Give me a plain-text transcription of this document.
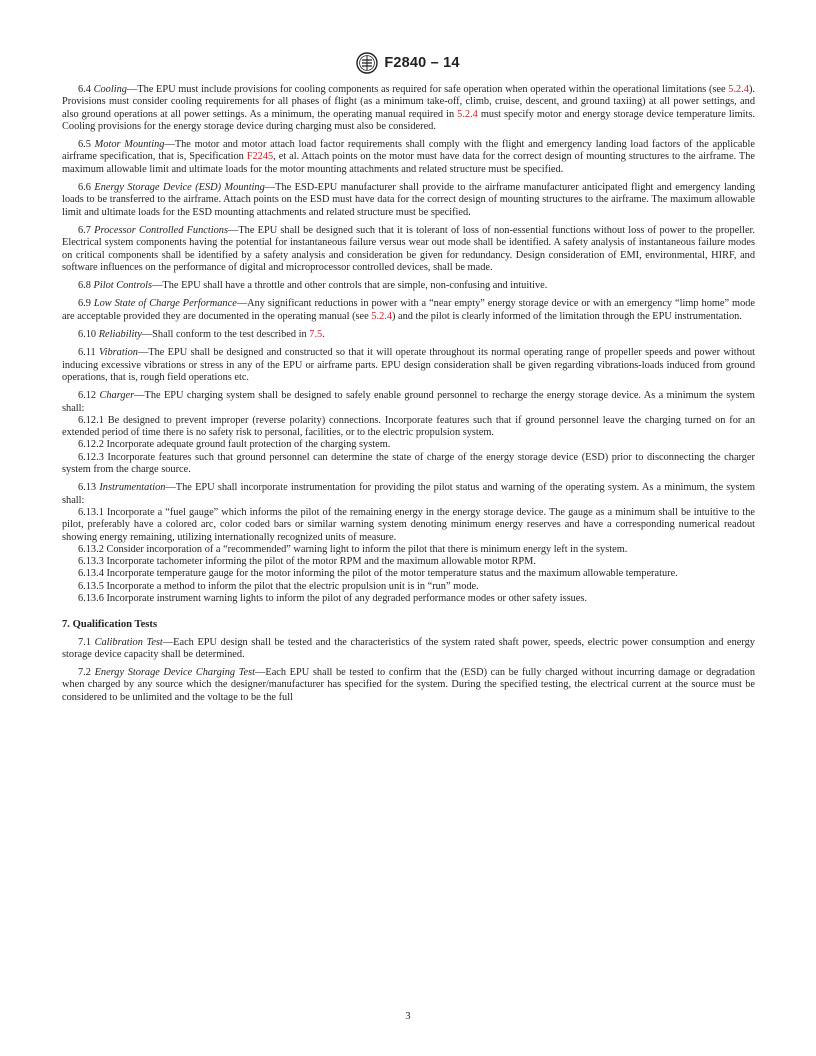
F2840 – 14

6.4 Cooling—The EPU must include provisions for cooling components as required for safe operation when operated within the operational limitations (see 5.2.4). Provisions must consider cooling requirements for all phases of flight (as a minimum take-off, climb, cruise, descent, and ground taxiing) at all power settings, and also ground operations at all power settings. As a minimum, the operating manual required in 5.2.4 must specify motor and energy storage device temperature limits. Cooling provisions for the energy storage device during charging must also be considered.

6.5 Motor Mounting—The motor and motor attach load factor requirements shall comply with the flight and emergency landing load factors of the applicable airframe specification, that is, Specification F2245, et al. Attach points on the motor must have data for the correct design of mounting structures to the airframe. The maximum allowable limit and ultimate loads for the motor mounting attachments and related structure must be specified.

6.6 Energy Storage Device (ESD) Mounting—The ESD-EPU manufacturer shall provide to the airframe manufacturer anticipated flight and emergency landing loads to be transferred to the airframe. Attach points on the ESD must have data for the correct design of mounting structures to the airframe. The maximum allowable limit and ultimate loads for the ESD mounting attachments and related structure must be specified.

6.7 Processor Controlled Functions—The EPU shall be designed such that it is tolerant of loss of non-essential functions without loss of power to the propeller. Electrical system components having the potential for instantaneous failure versus wear out mode shall be identified. A safety analysis of instantaneous failure modes on critical components shall be identified by a safety analysis and consideration be given for redundancy. Design consideration of EMI, environmental, HIRF, and software influences on the performance of digital and microprocessor controlled devices, shall be made.

6.8 Pilot Controls—The EPU shall have a throttle and other controls that are simple, non-confusing and intuitive.

6.9 Low State of Charge Performance—Any significant reductions in power with a “near empty” energy storage device or with an emergency “limp home” mode are acceptable provided they are documented in the operating manual (see 5.2.4) and the pilot is clearly informed of the limitation through the EPU instrumentation.

6.10 Reliability—Shall conform to the test described in 7.5.

6.11 Vibration—The EPU shall be designed and constructed so that it will operate throughout its normal operating range of propeller speeds and power without inducing excessive vibrations or stress in any of the EPU or airframe parts. EPU design consideration shall be given regarding vibrations-loads induced from ground operations, that is, rough field operations etc.

6.12 Charger—The EPU charging system shall be designed to safely enable ground personnel to recharge the energy storage device. As a minimum the system shall:

6.12.1 Be designed to prevent improper (reverse polarity) connections. Incorporate features such that if ground personnel leave the charging turned on for an extended period of time there is no safety risk to personal, facilities, or to the electric propulsion system.

6.12.2 Incorporate adequate ground fault protection of the charging system.

6.12.3 Incorporate features such that ground personnel can determine the state of charge of the energy storage device (ESD) prior to disconnecting the charger system from the charge source.

6.13 Instrumentation—The EPU shall incorporate instrumentation for providing the pilot status and warning of the operating system. As a minimum, the system shall:

6.13.1 Incorporate a “fuel gauge” which informs the pilot of the remaining energy in the energy storage device. The gauge as a minimum shall be intuitive to the pilot, preferably have a colored arc, color coded bars or similar warning system denoting minimum energy reserves and have a corresponding numerical readout showing energy remaining, utilizing internationally recognized units of measure.

6.13.2 Consider incorporation of a “recommended” warning light to inform the pilot that there is minimum energy left in the system.

6.13.3 Incorporate tachometer informing the pilot of the motor RPM and the maximum allowable motor RPM.

6.13.4 Incorporate temperature gauge for the motor informing the pilot of the motor temperature status and the maximum allowable temperature.

6.13.5 Incorporate a method to inform the pilot that the electric propulsion unit is in “run” mode.

6.13.6 Incorporate instrument warning lights to inform the pilot of any degraded performance modes or other safety issues.

7. Qualification Tests

7.1 Calibration Test—Each EPU design shall be tested and the characteristics of the system rated shaft power, speeds, electric power consumption and energy storage device capacity shall be determined.

7.2 Energy Storage Device Charging Test—Each EPU shall be tested to confirm that the (ESD) can be fully charged without incurring damage or degradation when charged by any source which the designer/manufacturer has specified for the system. During the specified testing, the electrical current at the source must be considered to be unlimited and the voltage to be the full

3
